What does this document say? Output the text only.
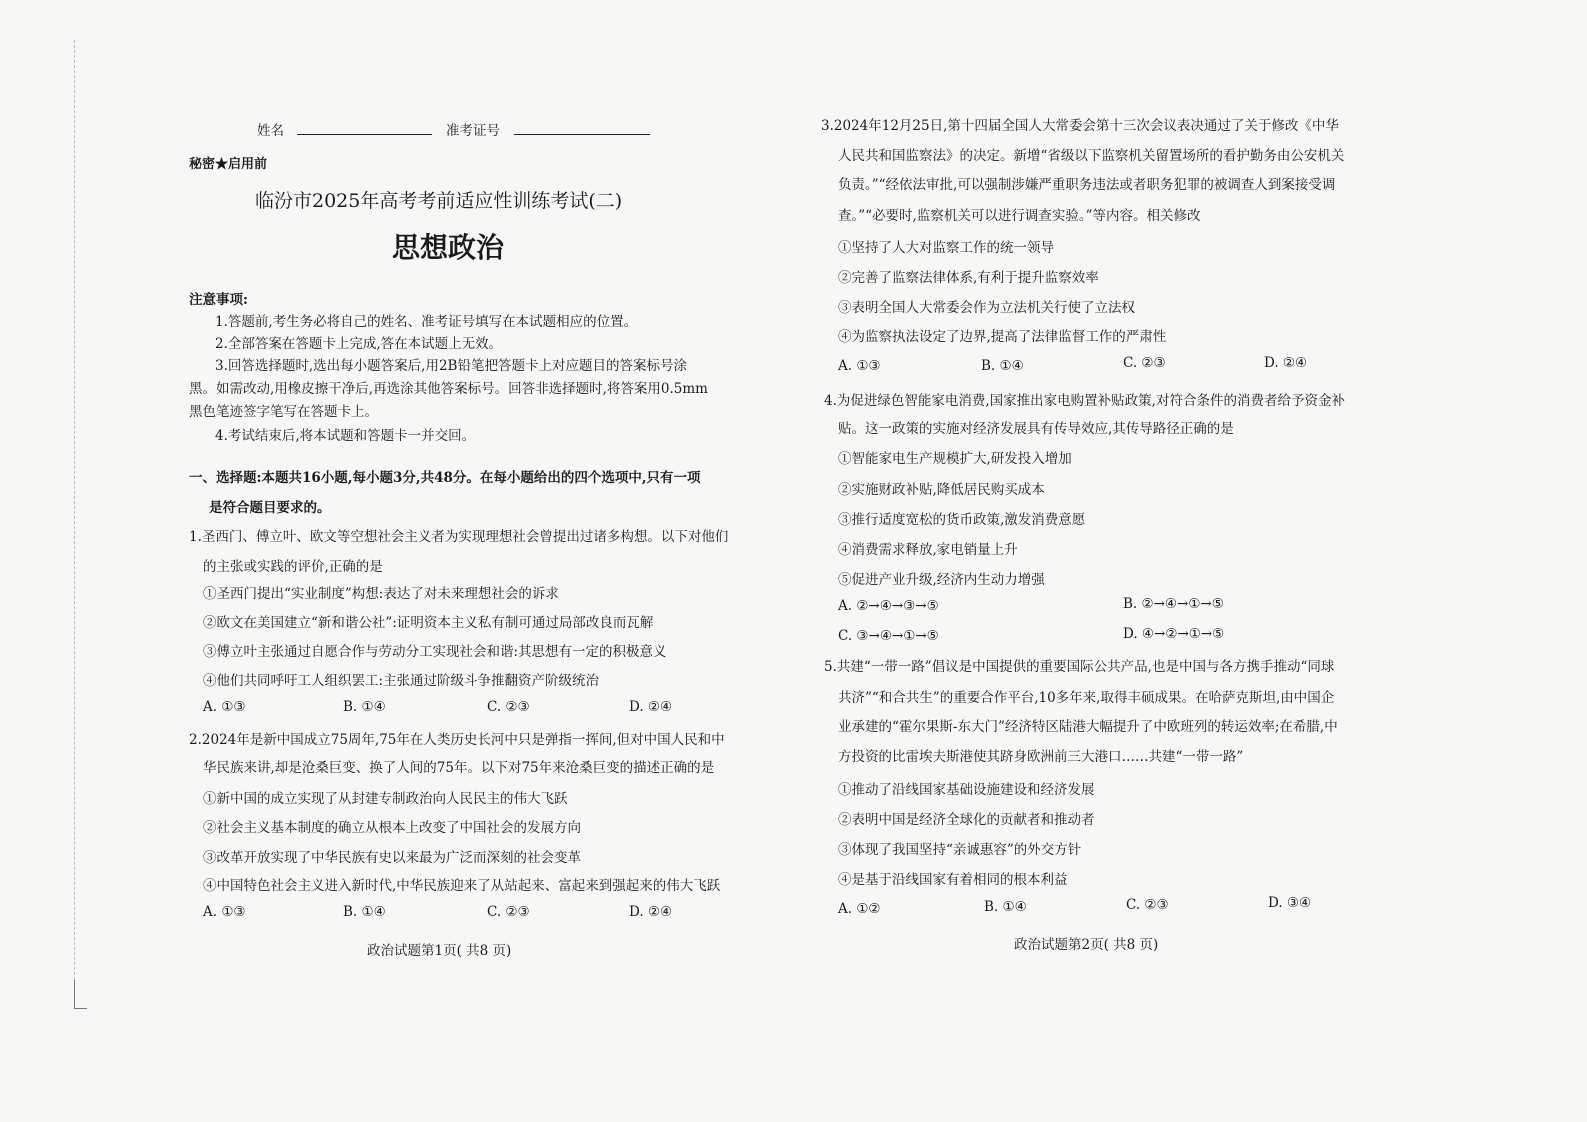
姓名	准考证号
秘密★启用前
临汾市2025年高考考前适应性训练考试(二)
思想政治
注意事项:
1.答题前,考生务必将自己的姓名、准考证号填写在本试题相应的位置。
2.全部答案在答题卡上完成,答在本试题上无效。
3.回答选择题时,选出每小题答案后,用2B铅笔把答题卡上对应题目的答案标号涂
黑。如需改动,用橡皮擦干净后,再选涂其他答案标号。回答非选择题时,将答案用0.5mm
黑色笔迹签字笔写在答题卡上。
4.考试结束后,将本试题和答题卡一并交回。
一、选择题:本题共16小题,每小题3分,共48分。在每小题给出的四个选项中,只有一项
是符合题目要求的。
1.圣西门、傅立叶、欧文等空想社会主义者为实现理想社会曾提出过诸多构想。以下对他们
的主张或实践的评价,正确的是
①圣西门提出“实业制度”构想:表达了对未来理想社会的诉求
②欧文在美国建立“新和谐公社”:证明资本主义私有制可通过局部改良而瓦解
③傅立叶主张通过自愿合作与劳动分工实现社会和谐:其思想有一定的积极意义
④他们共同呼吁工人组织罢工:主张通过阶级斗争推翻资产阶级统治
A. ①③	B. ①④	C. ②③	D. ②④
2.2024年是新中国成立75周年,75年在人类历史长河中只是弹指一挥间,但对中国人民和中
华民族来讲,却是沧桑巨变、换了人间的75年。以下对75年来沧桑巨变的描述正确的是
①新中国的成立实现了从封建专制政治向人民民主的伟大飞跃
②社会主义基本制度的确立从根本上改变了中国社会的发展方向
③改革开放实现了中华民族有史以来最为广泛而深刻的社会变革
④中国特色社会主义进入新时代,中华民族迎来了从站起来、富起来到强起来的伟大飞跃
A. ①③	B. ①④	C. ②③	D. ②④
政治试题第1页( 共8 页)
3.2024年12月25日,第十四届全国人大常委会第十三次会议表决通过了关于修改《中华
人民共和国监察法》的决定。新增“省级以下监察机关留置场所的看护勤务由公安机关
负责。”“经依法审批,可以强制涉嫌严重职务违法或者职务犯罪的被调查人到案接受调
查。”“必要时,监察机关可以进行调查实验。”等内容。相关修改
①坚持了人大对监察工作的统一领导
②完善了监察法律体系,有利于提升监察效率
③表明全国人大常委会作为立法机关行使了立法权
④为监察执法设定了边界,提高了法律监督工作的严肃性
A. ①③	B. ①④	C. ②③	D. ②④
4.为促进绿色智能家电消费,国家推出家电购置补贴政策,对符合条件的消费者给予资金补
贴。这一政策的实施对经济发展具有传导效应,其传导路径正确的是
①智能家电生产规模扩大,研发投入增加
②实施财政补贴,降低居民购买成本
③推行适度宽松的货币政策,激发消费意愿
④消费需求释放,家电销量上升
⑤促进产业升级,经济内生动力增强
A. ②→④→③→⑤	B. ②→④→①→⑤
C. ③→④→①→⑤	D. ④→②→①→⑤
5.共建“一带一路”倡议是中国提供的重要国际公共产品,也是中国与各方携手推动“同球
共济”“和合共生”的重要合作平台,10多年来,取得丰硕成果。在哈萨克斯坦,由中国企
业承建的“霍尔果斯-东大门”经济特区陆港大幅提升了中欧班列的转运效率;在希腊,中
方投资的比雷埃夫斯港使其跻身欧洲前三大港口……共建“一带一路”
①推动了沿线国家基础设施建设和经济发展
②表明中国是经济全球化的贡献者和推动者
③体现了我国坚持“亲诚惠容”的外交方针
④是基于沿线国家有着相同的根本利益
A. ①②	B. ①④	C. ②③	D. ③④
政治试题第2页( 共8 页)
